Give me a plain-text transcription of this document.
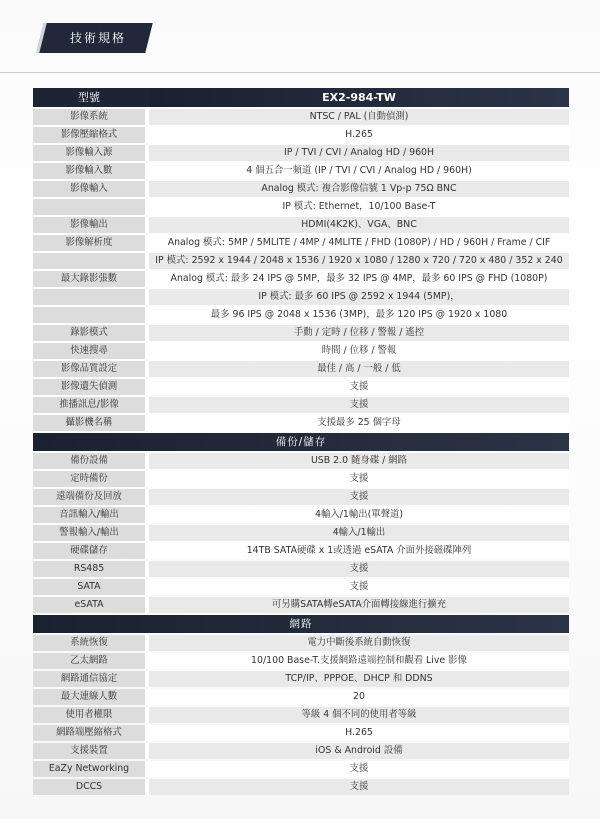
技術規格
型號	EX2-984-TW
影像系統	NTSC / PAL (自動偵測)
影像壓縮格式	H.265
影像輸入源	IP / TVI / CVI / Analog HD / 960H
影像輸入數	4 個五合一頻道 (IP / TVI / CVI / Analog HD / 960H)
影像輸入	Analog 模式: 複合影像信號 1 Vp-p 75Ω BNC
	IP 模式: Ethernet，10/100 Base-T
影像輸出	HDMI(4K2K)、VGA、BNC
影像解析度	Analog 模式: 5MP / 5MLITE / 4MP / 4MLITE / FHD (1080P) / HD / 960H / Frame / CIF
	IP 模式: 2592 x 1944 / 2048 x 1536 / 1920 x 1080 / 1280 x 720 / 720 x 480 / 352 x 240
最大錄影張數	Analog 模式: 最多 24 IPS @ 5MP，最多 32 IPS @ 4MP，最多 60 IPS @ FHD (1080P)
	IP 模式: 最多 60 IPS @ 2592 x 1944 (5MP)，
	最多 96 IPS @ 2048 x 1536 (3MP)，最多 120 IPS @ 1920 x 1080
錄影模式	手動 / 定時 / 位移 / 警報 / 遙控
快速搜尋	時間 / 位移 / 警報
影像品質設定	最佳 / 高 / 一般 / 低
影像遺失偵測	支援
推播訊息/影像	支援
攝影機名稱	支援最多 25 個字母
備份/儲存	
備份設備	USB 2.0 隨身碟 / 網路
定時備份	支援
遠端備份及回放	支援
音訊輸入/輸出	4輸入/1輸出(單聲道)
警報輸入/輸出	4輸入/1輸出
硬碟儲存	14TB SATA硬碟 x 1或透過 eSATA 介面外接磁碟陣列
RS485	支援
SATA	支援
eSATA	可另購SATA轉eSATA介面轉接線進行擴充
網路	
系統恢復	電力中斷後系統自動恢復
乙太網路	10/100 Base-T.支援網路遠端控制和觀看 Live 影像
網路通信協定	TCP/IP、PPPOE、DHCP 和 DDNS
最大連線人數	20
使用者權限	等級 4 個不同的使用者等級
網路端壓縮格式	H.265
支援裝置	iOS & Android 設備
EaZy Networking	支援
DCCS	支援
